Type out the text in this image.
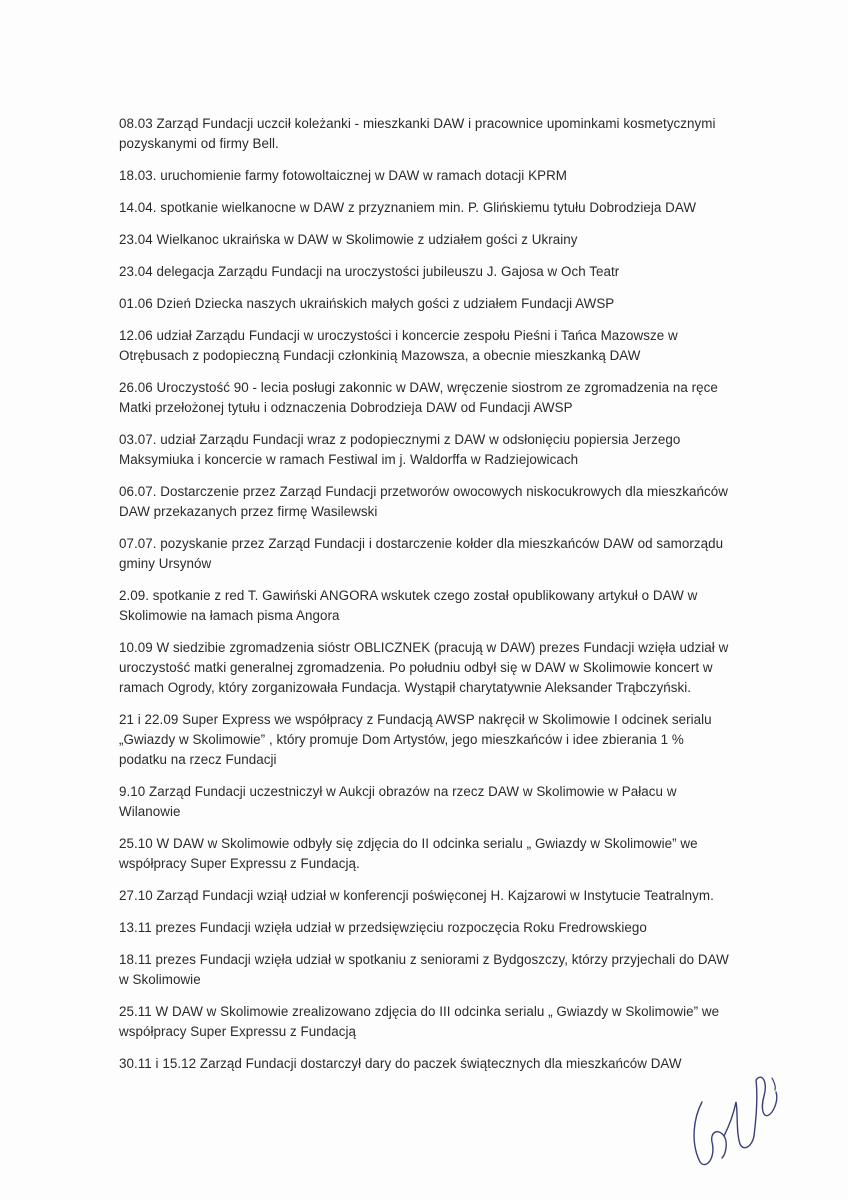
08.03 Zarząd Fundacji uczcił koleżanki - mieszkanki DAW i pracownice upominkami kosmetycznymi pozyskanymi od firmy Bell.
18.03. uruchomienie farmy fotowoltaicznej w DAW w ramach dotacji KPRM
14.04. spotkanie wielkanocne w DAW z przyznaniem min. P. Glińskiemu tytułu Dobrodzieja DAW
23.04 Wielkanoc ukraińska w DAW w Skolimowie z udziałem gości z Ukrainy
23.04 delegacja Zarządu Fundacji na uroczystości jubileuszu J. Gajosa w Och Teatr
01.06 Dzień Dziecka naszych ukraińskich małych gości z udziałem Fundacji AWSP
12.06 udział Zarządu Fundacji w uroczystości i koncercie zespołu Pieśni i Tańca Mazowsze w Otrębusach z podopieczną Fundacji członkinią Mazowsza, a obecnie mieszkanką DAW
26.06 Uroczystość 90 - lecia posługi zakonnic w DAW, wręczenie siostrom ze zgromadzenia na ręce Matki przełożonej tytułu i odznaczenia Dobrodzieja DAW od Fundacji AWSP
03.07. udział Zarządu Fundacji wraz z podopiecznymi z DAW w odsłonięciu popiersia Jerzego Maksymiuka i koncercie w ramach Festiwal im j. Waldorffa w Radziejowicach
06.07. Dostarczenie przez Zarząd Fundacji przetworów owocowych niskocukrowych dla mieszkańców DAW przekazanych przez firmę Wasilewski
07.07. pozyskanie przez Zarząd Fundacji i dostarczenie kołder dla mieszkańców DAW od samorządu gminy Ursynów
2.09. spotkanie z red T. Gawiński ANGORA wskutek czego został opublikowany artykuł o DAW w Skolimowie na łamach pisma Angora
10.09 W siedzibie zgromadzenia sióstr OBLICZNEK (pracują w DAW) prezes Fundacji wzięła udział w uroczystość matki generalnej zgromadzenia. Po południu odbył się w DAW w Skolimowie koncert w ramach Ogrody, który zorganizowała Fundacja. Wystąpił charytatywnie Aleksander Trąbczyński.
21 i 22.09 Super Express we współpracy z Fundacją AWSP nakręcił w Skolimowie I odcinek serialu „Gwiazdy w Skolimowie” , który promuje Dom Artystów, jego mieszkańców i idee zbierania 1 % podatku na rzecz Fundacji
9.10 Zarząd Fundacji uczestniczył w Aukcji obrazów na rzecz DAW w Skolimowie w Pałacu w Wilanowie
25.10 W DAW w Skolimowie odbyły się zdjęcia do II odcinka serialu „ Gwiazdy w Skolimowie” we współpracy Super Expressu z Fundacją.
27.10 Zarząd Fundacji wziął udział w konferencji poświęconej H. Kajzarowi w Instytucie Teatralnym.
13.11 prezes Fundacji wzięła udział w przedsięwzięciu rozpoczęcia Roku Fredrowskiego
18.11 prezes Fundacji wzięła udział w spotkaniu z seniorami z Bydgoszczy, którzy przyjechali do DAW w Skolimowie
25.11 W DAW w Skolimowie zrealizowano zdjęcia do III odcinka serialu „ Gwiazdy w Skolimowie” we współpracy Super Expressu z Fundacją
30.11 i 15.12 Zarząd Fundacji dostarczył dary do paczek świątecznych dla mieszkańców DAW
